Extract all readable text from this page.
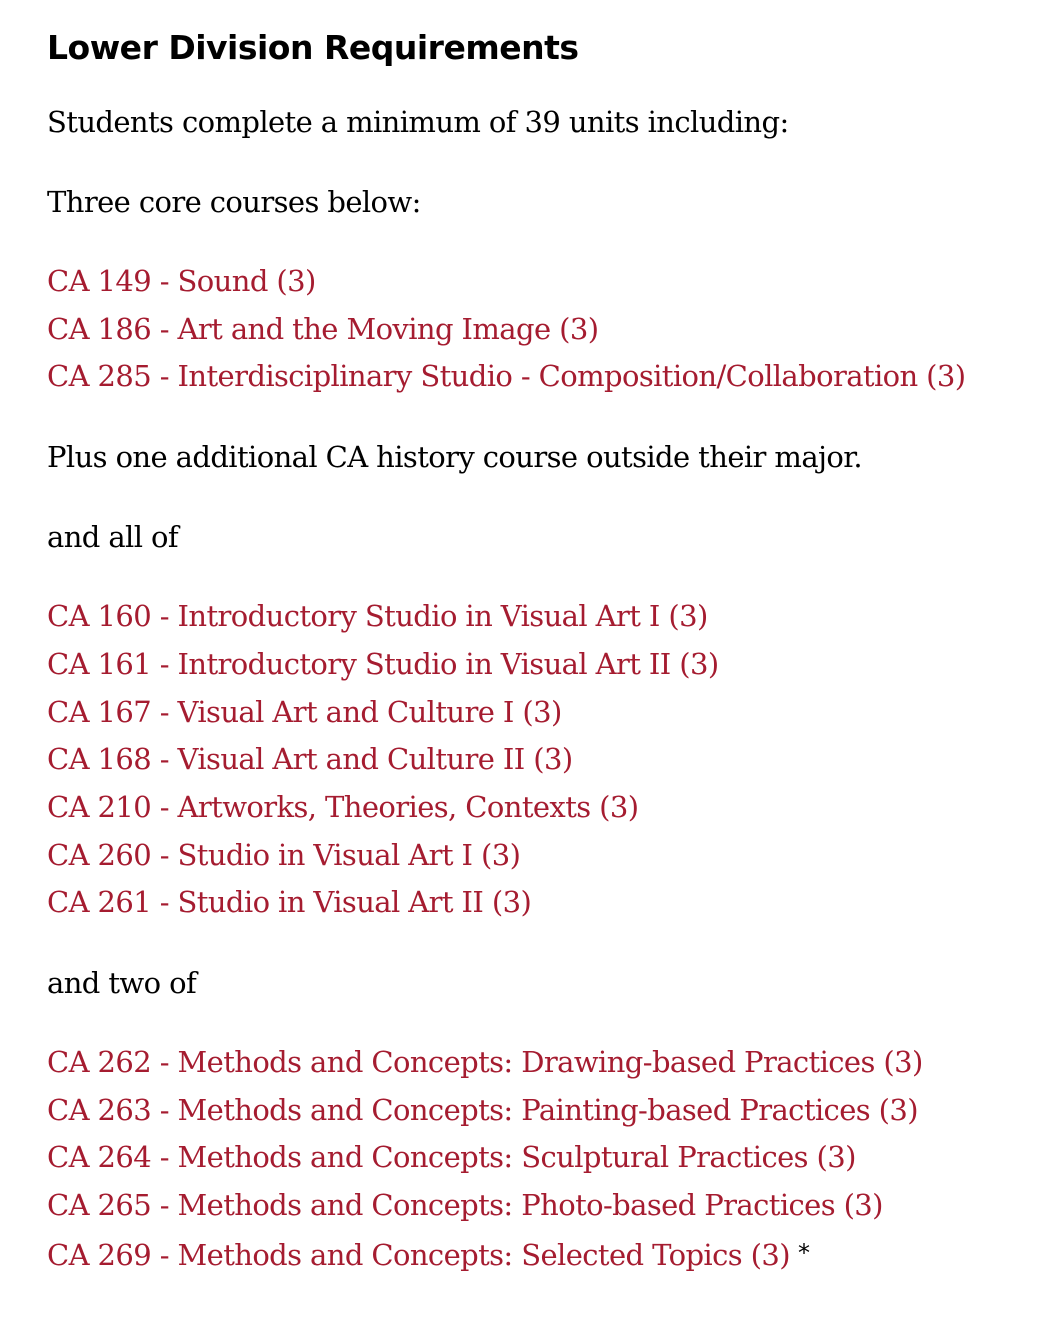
Lower Division Requirements

Students complete a minimum of 39 units including:

Three core courses below:

CA 149 - Sound (3)
CA 186 - Art and the Moving Image (3)
CA 285 - Interdisciplinary Studio - Composition/Collaboration (3)

Plus one additional CA history course outside their major.

and all of

CA 160 - Introductory Studio in Visual Art I (3)
CA 161 - Introductory Studio in Visual Art II (3)
CA 167 - Visual Art and Culture I (3)
CA 168 - Visual Art and Culture II (3)
CA 210 - Artworks, Theories, Contexts (3)
CA 260 - Studio in Visual Art I (3)
CA 261 - Studio in Visual Art II (3)

and two of

CA 262 - Methods and Concepts: Drawing-based Practices (3)
CA 263 - Methods and Concepts: Painting-based Practices (3)
CA 264 - Methods and Concepts: Sculptural Practices (3)
CA 265 - Methods and Concepts: Photo-based Practices (3)
CA 269 - Methods and Concepts: Selected Topics (3) *
